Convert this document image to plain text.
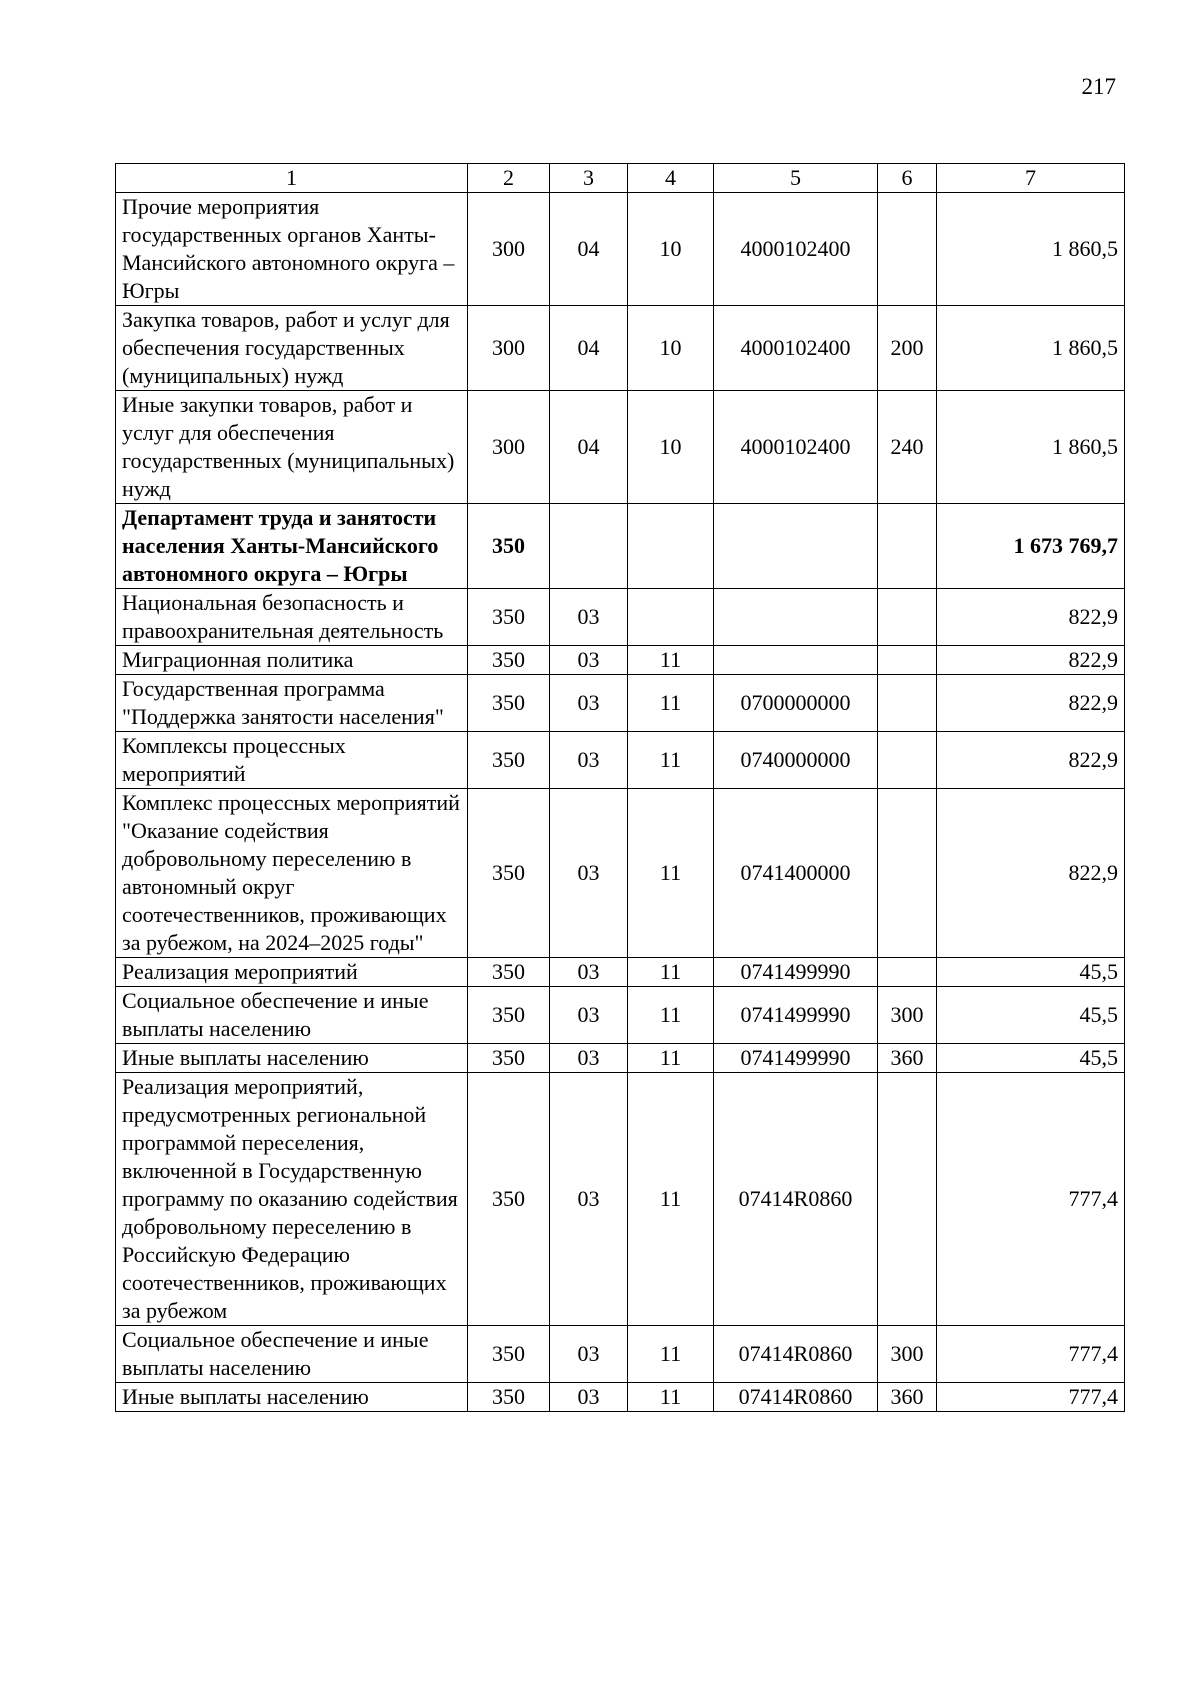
217
1	2	3	4	5	6	7
Прочие мероприятия государственных органов Ханты-Мансийского автономного округа – Югры	300	04	10	4000102400		1 860,5
Закупка товаров, работ и услуг для обеспечения государственных (муниципальных) нужд	300	04	10	4000102400	200	1 860,5
Иные закупки товаров, работ и услуг для обеспечения государственных (муниципальных) нужд	300	04	10	4000102400	240	1 860,5
Департамент труда и занятости населения Ханты-Мансийского автономного округа – Югры	350					1 673 769,7
Национальная безопасность и правоохранительная деятельность	350	03				822,9
Миграционная политика	350	03	11			822,9
Государственная программа "Поддержка занятости населения"	350	03	11	0700000000		822,9
Комплексы процессных мероприятий	350	03	11	0740000000		822,9
Комплекс процессных мероприятий "Оказание содействия добровольному переселению в автономный округ соотечественников, проживающих за рубежом, на 2024–2025 годы"	350	03	11	0741400000		822,9
Реализация мероприятий	350	03	11	0741499990		45,5
Социальное обеспечение и иные выплаты населению	350	03	11	0741499990	300	45,5
Иные выплаты населению	350	03	11	0741499990	360	45,5
Реализация мероприятий, предусмотренных региональной программой переселения, включенной в Государственную программу по оказанию содействия добровольному переселению в Российскую Федерацию соотечественников, проживающих за рубежом	350	03	11	07414R0860		777,4
Социальное обеспечение и иные выплаты населению	350	03	11	07414R0860	300	777,4
Иные выплаты населению	350	03	11	07414R0860	360	777,4
